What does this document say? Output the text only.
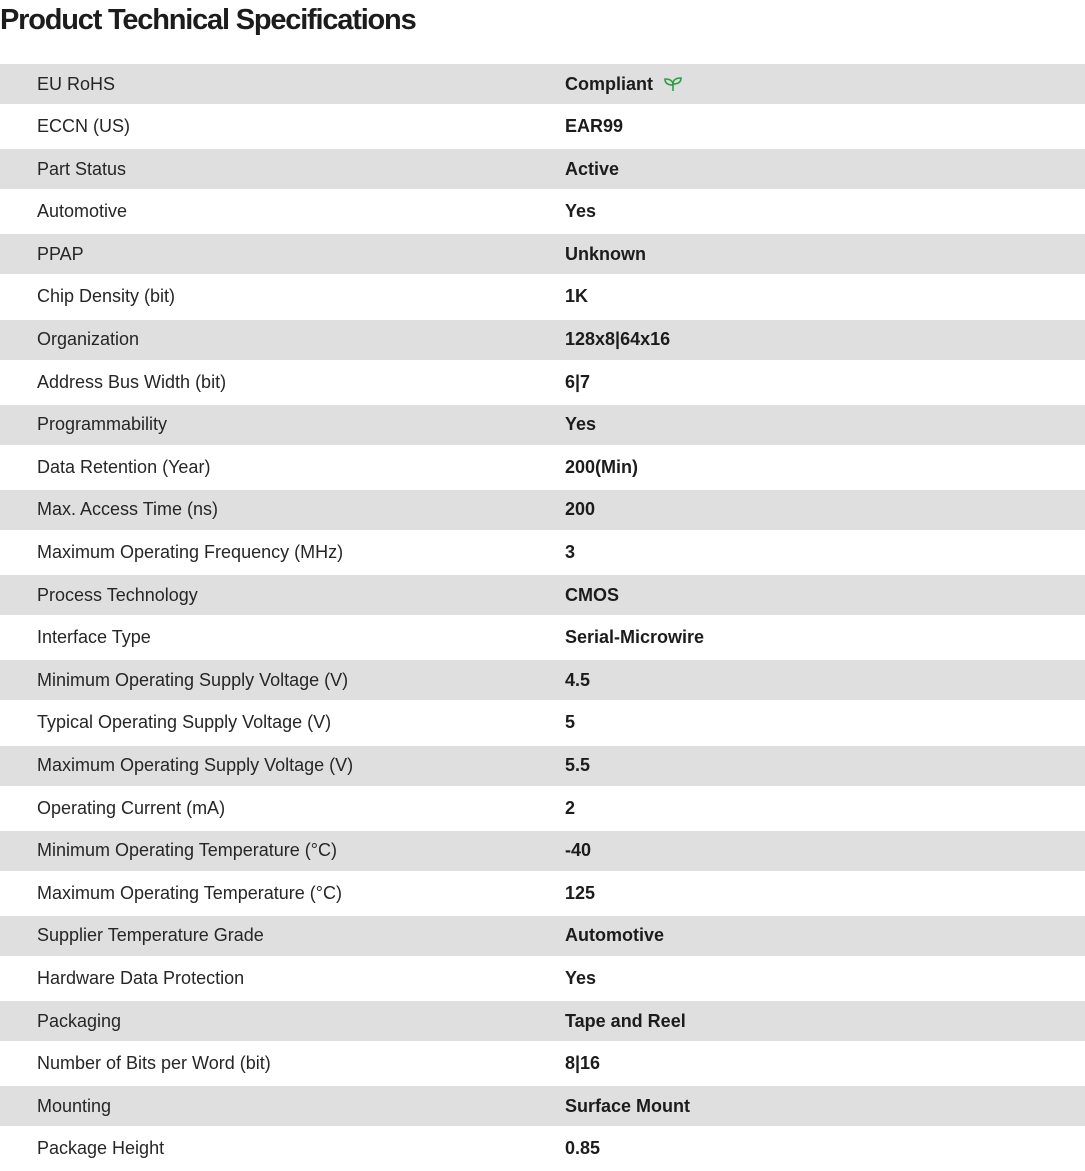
Product Technical Specifications
EU RoHS	Compliant
ECCN (US)	EAR99
Part Status	Active
Automotive	Yes
PPAP	Unknown
Chip Density (bit)	1K
Organization	128x8|64x16
Address Bus Width (bit)	6|7
Programmability	Yes
Data Retention (Year)	200(Min)
Max. Access Time (ns)	200
Maximum Operating Frequency (MHz)	3
Process Technology	CMOS
Interface Type	Serial-Microwire
Minimum Operating Supply Voltage (V)	4.5
Typical Operating Supply Voltage (V)	5
Maximum Operating Supply Voltage (V)	5.5
Operating Current (mA)	2
Minimum Operating Temperature (°C)	-40
Maximum Operating Temperature (°C)	125
Supplier Temperature Grade	Automotive
Hardware Data Protection	Yes
Packaging	Tape and Reel
Number of Bits per Word (bit)	8|16
Mounting	Surface Mount
Package Height	0.85
